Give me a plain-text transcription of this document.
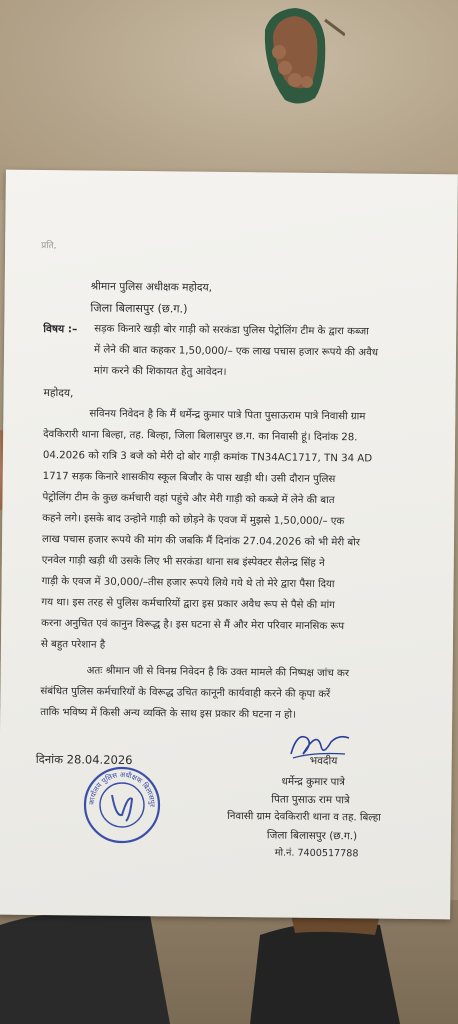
प्रति,
श्रीमान पुलिस अधीक्षक महोदय,
जिला बिलासपुर (छ.ग.)
विषय :– सड़क किनारे खड़ी बोर गाड़ी को सरकंडा पुलिस पेट्रोलिंग टीम के द्वारा कब्जा
में लेने की बात कहकर 1,50,000/– एक लाख पचास हजार रूपये की अवैध
मांग करने की शिकायत हेतु आवेदन।
महोदय,
सविनय निवेदन है कि मैं धर्मेन्द्र कुमार पात्रे पिता पुसाऊराम पात्रे निवासी ग्राम
देवकिरारी थाना बिल्हा, तह. बिल्हा, जिला बिलासपुर छ.ग. का निवासी हूं। दिनांक 28.
04.2026 को रात्रि 3 बजे को मेरी दो बोर गाड़ी कमांक TN34AC1717, TN 34 AD
1717 सड़क किनारे शासकीय स्कूल बिजौर के पास खड़ी थी। उसी दौरान पुलिस
पेट्रोलिंग टीम के कुछ कर्मचारी वहां पहुंचे और मेरी गाड़ी को कब्जे में लेने की बात
कहने लगे। इसके बाद उन्होने गाड़ी को छोड़ने के एवज में मुझसे 1,50,000/– एक
लाख पचास हजार रूपये की मांग की जबकि मैं दिनांक 27.04.2026 को भी मेरी बोर
एनवेल गाड़ी खड़ी थी उसके लिए भी सरकंडा थाना सब इंस्पेक्टर सैलेन्द्र सिंह ने
गाड़ी के एवज में 30,000/–तीस हजार रूपये लिये गये थे तो मेरे द्वारा पैसा दिया
गय था। इस तरह से पुलिस कर्मचारियों द्वारा इस प्रकार अवैध रूप से पैसे की मांग
करना अनुचित एवं कानुन विरूद्ध है। इस घटना से मैं और मेरा परिवार मानसिक रूप
से बहुत परेशान है
अतः श्रीमान जी से विनम्र निवेदन है कि उक्त मामले की निष्पक्ष जांच कर
संबंधित पुलिस कर्मचारियों के विरूद्ध उचित कानूनी कार्यवाही करने की कृपा करें
ताकि भविष्य में किसी अन्य व्यक्ति के साथ इस प्रकार की घटना न हो।
दिनांक 28.04.2026	भवदीय
धर्मेन्द्र कुमार पात्रे
पिता पुसाऊ राम पात्रे
निवासी ग्राम देवकिरारी थाना व तह. बिल्हा
जिला बिलासपुर (छ.ग.)
मो.नं. 7400517788
कार्यालय पुलिस अधीक्षक बिलासपुर
